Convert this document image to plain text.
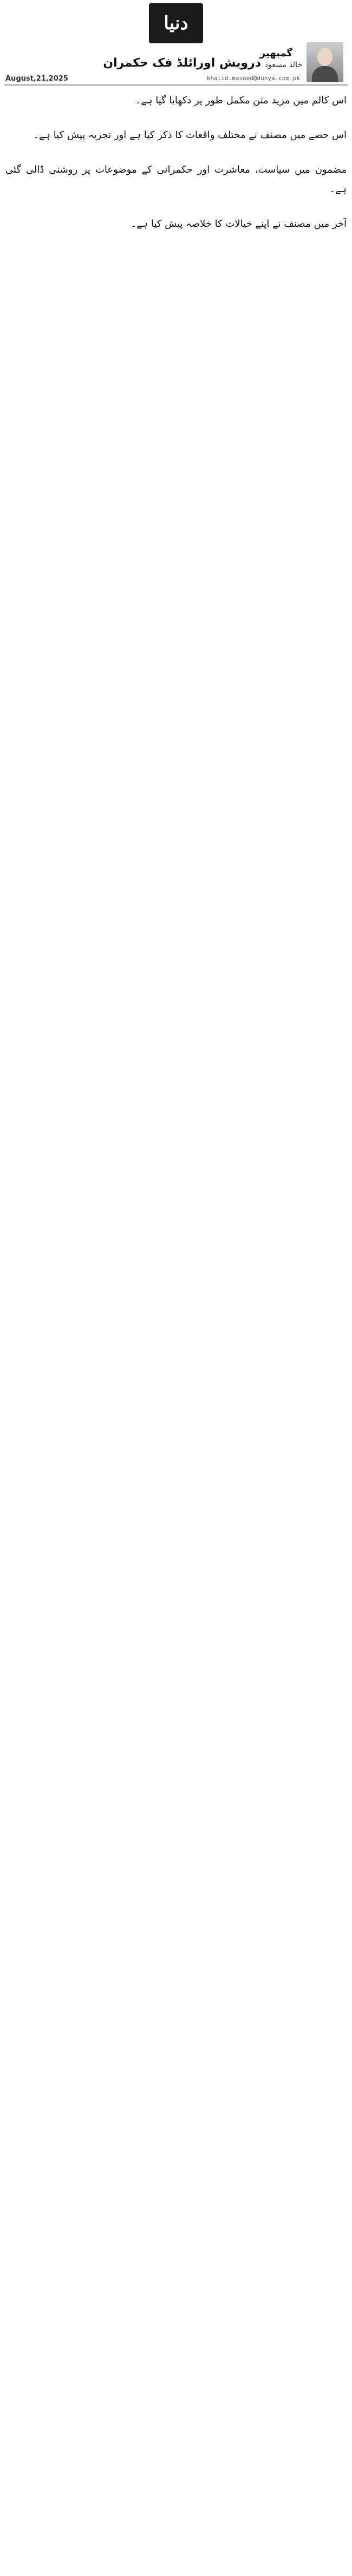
دنیا
گمبھیر
خالد مسعود
درویش اورائلڈ فک حکمران
khalid.masood@dunya.com.pk
August,21,2025

اس کالم میں مزید متن مکمل طور پر دکھایا گیا ہے۔

اس حصے میں مصنف نے مختلف واقعات کا ذکر کیا ہے اور تجزیہ پیش کیا ہے۔

مضمون میں سیاست، معاشرت اور حکمرانی کے موضوعات پر روشنی ڈالی گئی ہے۔

آخر میں مصنف نے اپنے خیالات کا خلاصہ پیش کیا ہے۔
